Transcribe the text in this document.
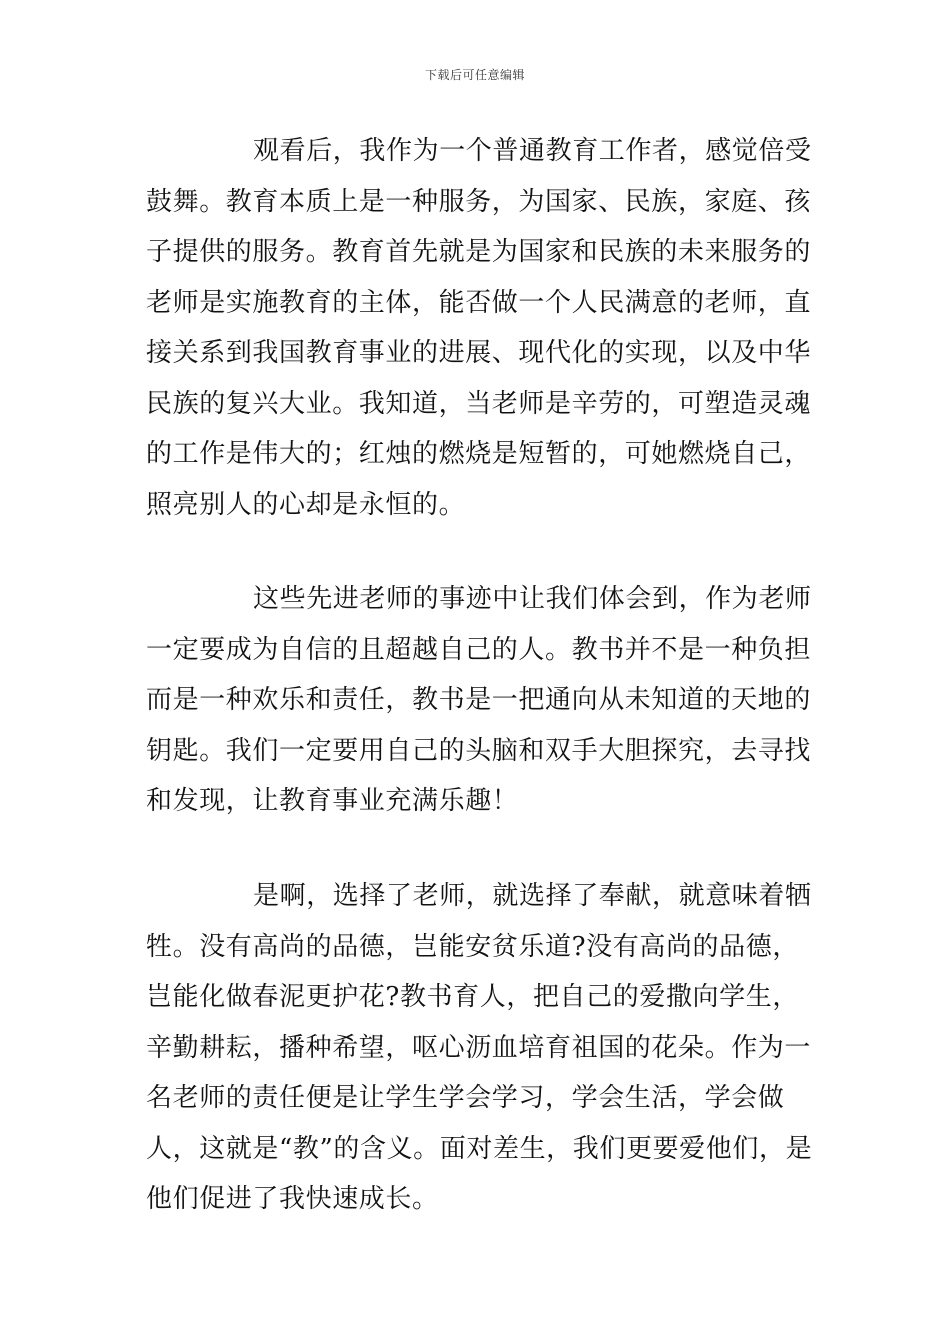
下载后可任意编辑

观看后，我作为一个普通教育工作者，感觉倍受鼓舞。教育本质上是一种服务，为国家、民族，家庭、孩子提供的服务。教育首先就是为国家和民族的未来服务的老师是实施教育的主体，能否做一个人民满意的老师，直接关系到我国教育事业的进展、现代化的实现，以及中华民族的复兴大业。我知道，当老师是辛劳的，可塑造灵魂的工作是伟大的；红烛的燃烧是短暂的，可她燃烧自己，照亮别人的心却是永恒的。

这些先进老师的事迹中让我们体会到，作为老师一定要成为自信的且超越自己的人。教书并不是一种负担而是一种欢乐和责任，教书是一把通向从未知道的天地的钥匙。我们一定要用自己的头脑和双手大胆探究，去寻找和发现，让教育事业充满乐趣！

是啊，选择了老师，就选择了奉献，就意味着牺牲。没有高尚的品德，岂能安贫乐道?没有高尚的品德，岂能化做春泥更护花?教书育人，把自己的爱撒向学生，辛勤耕耘，播种希望，呕心沥血培育祖国的花朵。作为一名老师的责任便是让学生学会学习，学会生活，学会做人，这就是“教”的含义。面对差生，我们更要爱他们，是他们促进了我快速成长。
